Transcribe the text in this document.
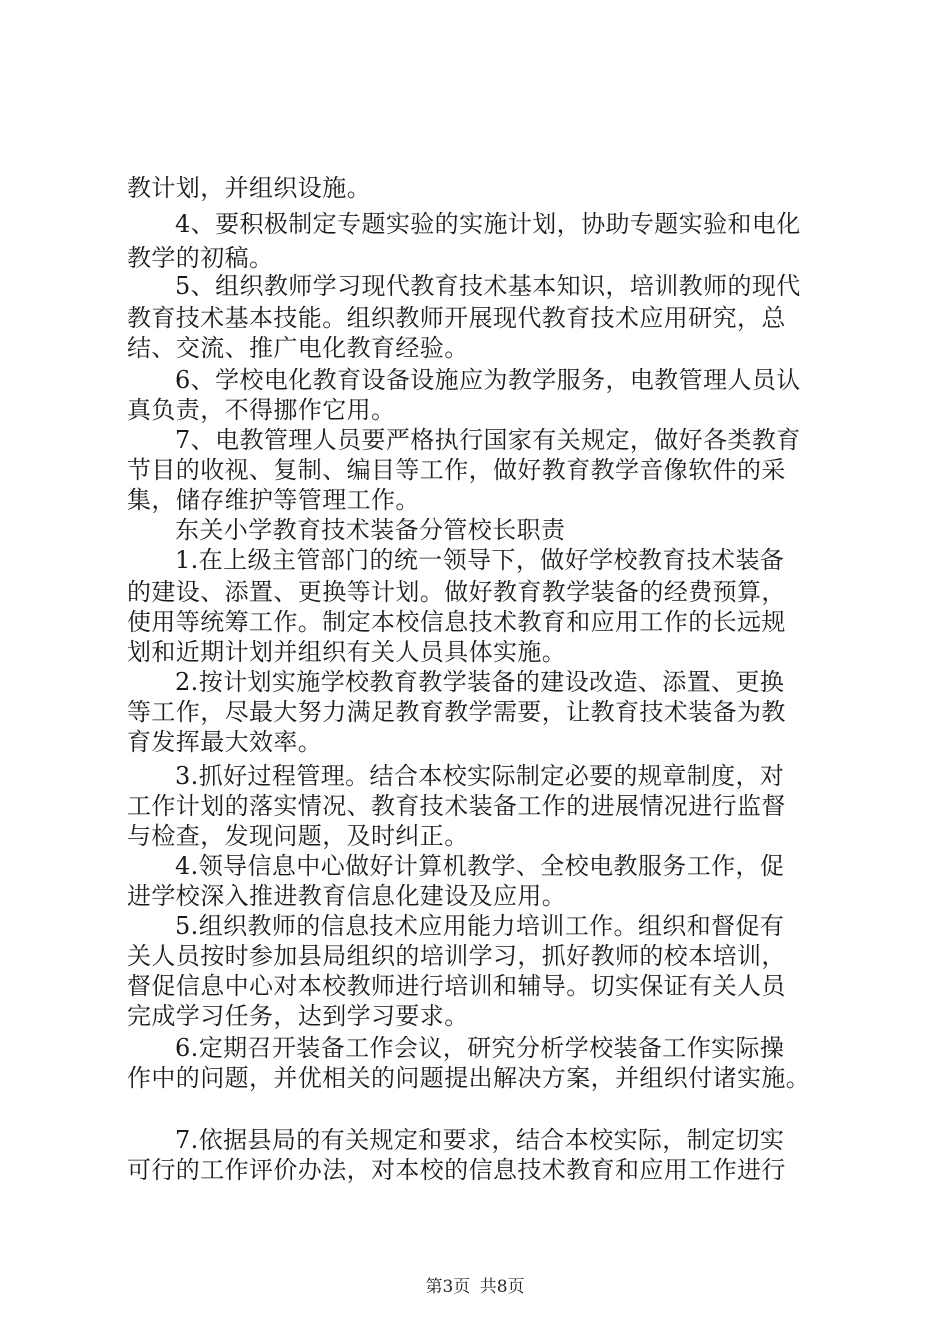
教计划，并组织设施。
4、要积极制定专题实验的实施计划，协助专题实验和电化
教学的初稿。
5、组织教师学习现代教育技术基本知识，培训教师的现代
教育技术基本技能。组织教师开展现代教育技术应用研究，总
结、交流、推广电化教育经验。
6、学校电化教育设备设施应为教学服务，电教管理人员认
真负责，不得挪作它用。
7、电教管理人员要严格执行国家有关规定，做好各类教育
节目的收视、复制、编目等工作，做好教育教学音像软件的采
集，储存维护等管理工作。
东关小学教育技术装备分管校长职责
1.在上级主管部门的统一领导下，做好学校教育技术装备
的建设、添置、更换等计划。做好教育教学装备的经费预算，
使用等统筹工作。制定本校信息技术教育和应用工作的长远规
划和近期计划并组织有关人员具体实施。
2.按计划实施学校教育教学装备的建设改造、添置、更换
等工作，尽最大努力满足教育教学需要，让教育技术装备为教
育发挥最大效率。
3.抓好过程管理。结合本校实际制定必要的规章制度，对
工作计划的落实情况、教育技术装备工作的进展情况进行监督
与检查，发现问题，及时纠正。
4.领导信息中心做好计算机教学、全校电教服务工作，促
进学校深入推进教育信息化建设及应用。
5.组织教师的信息技术应用能力培训工作。组织和督促有
关人员按时参加县局组织的培训学习，抓好教师的校本培训，
督促信息中心对本校教师进行培训和辅导。切实保证有关人员
完成学习任务，达到学习要求。
6.定期召开装备工作会议，研究分析学校装备工作实际操
作中的问题，并优相关的问题提出解决方案，并组织付诸实施。
7.依据县局的有关规定和要求，结合本校实际，制定切实
可行的工作评价办法，对本校的信息技术教育和应用工作进行
第3页 共8页
